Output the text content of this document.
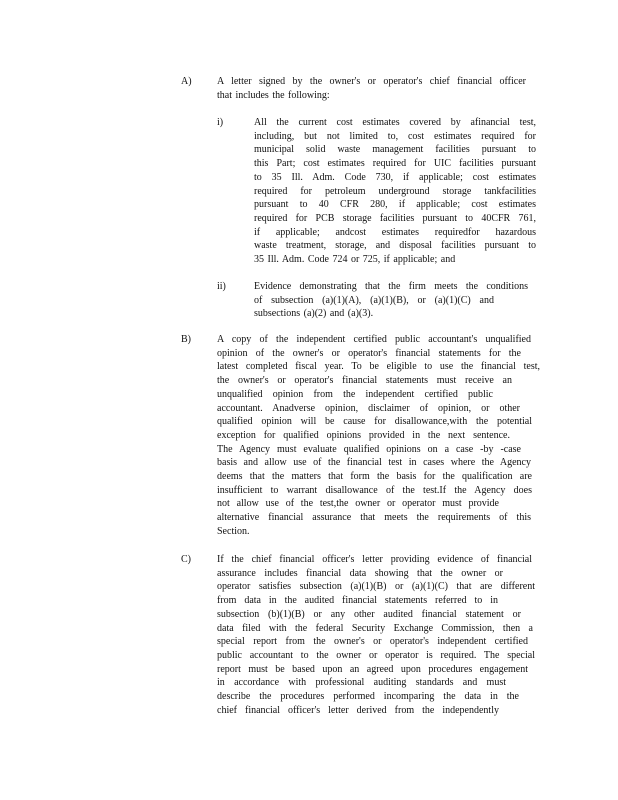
A)	A letter signed by the owner's or operator's chief financial officer
that includes the following:
i)	All the current cost estimates covered by afinancial test,
including, but not limited to, cost estimates required for
municipal solid waste management facilities pursuant to
this Part; cost estimates required for UIC facilities pursuant
to 35 Ill. Adm. Code 730, if applicable; cost estimates
required for petroleum underground storage tankfacilities
pursuant to 40 CFR 280, if applicable; cost estimates
required for PCB storage facilities pursuant to 40CFR 761,
if applicable; andcost estimates requiredfor hazardous
waste treatment, storage, and disposal facilities pursuant to
35 Ill. Adm. Code 724 or 725, if applicable; and
ii)	Evidence demonstrating that the firm meets the conditions
of subsection (a)(1)(A), (a)(1)(B), or (a)(1)(C) and
subsections (a)(2) and (a)(3).
B)	A copy of the independent certified public accountant's unqualified
opinion of the owner's or operator's financial statements for the
latest completed fiscal year. To be eligible to use the financial test,
the owner's or operator's financial statements must receive an
unqualified opinion from the independent certified public
accountant. Anadverse opinion, disclaimer of opinion, or other
qualified opinion will be cause for disallowance,with the potential
exception for qualified opinions provided in the next sentence.
The Agency must evaluate qualified opinions on a case -by -case
basis and allow use of the financial test in cases where the Agency
deems that the matters that form the basis for the qualification are
insufficient to warrant disallowance of the test.If the Agency does
not allow use of the test,the owner or operator must provide
alternative financial assurance that meets the requirements of this
Section.
C)	If the chief financial officer's letter providing evidence of financial
assurance includes financial data showing that the owner or
operator satisfies subsection (a)(1)(B) or (a)(1)(C) that are different
from data in the audited financial statements referred to in
subsection (b)(1)(B) or any other audited financial statement or
data filed with the federal Security Exchange Commission, then a
special report from the owner's or operator's independent certified
public accountant to the owner or operator is required. The special
report must be based upon an agreed upon procedures engagement
in accordance with professional auditing standards and must
describe the procedures performed incomparing the data in the
chief financial officer's letter derived from the independently
